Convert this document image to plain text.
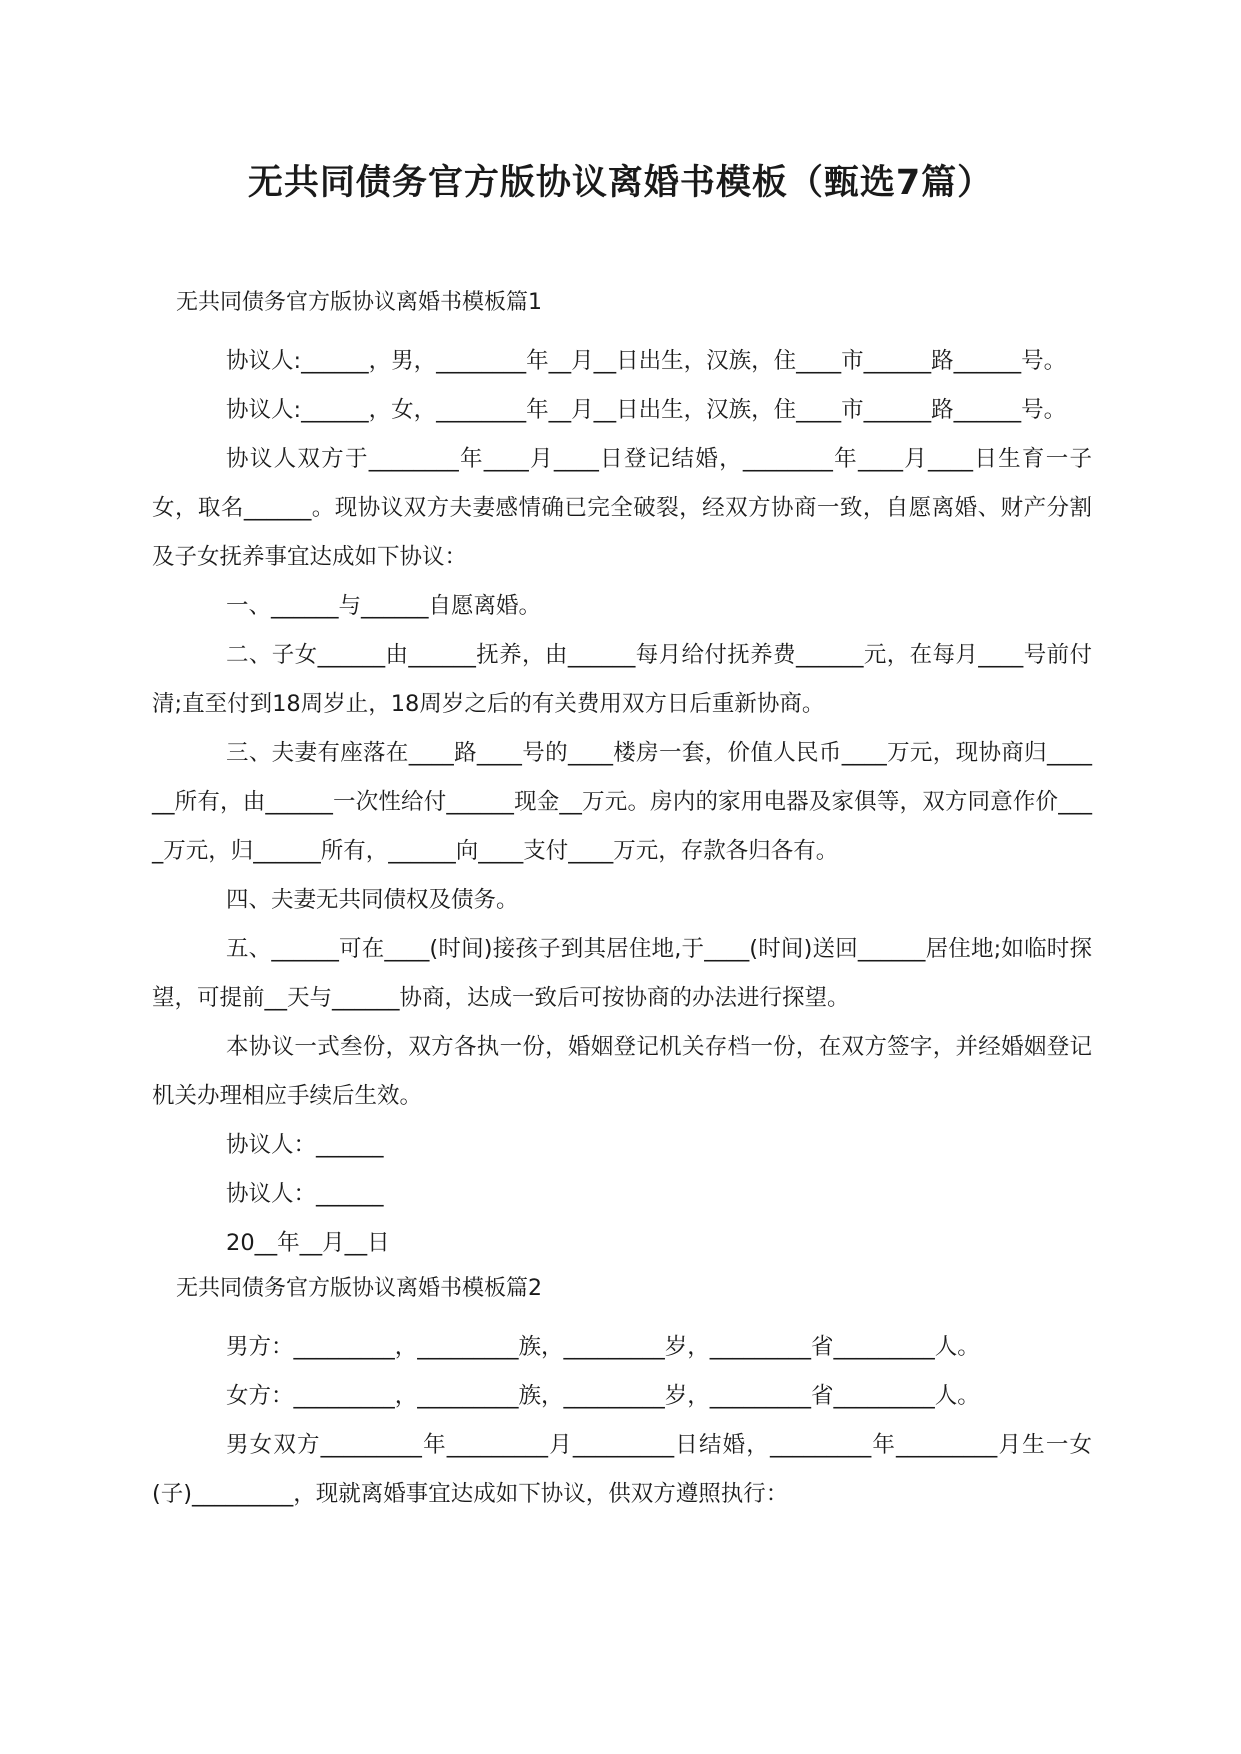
无共同债务官方版协议离婚书模板（甄选7篇）
无共同债务官方版协议离婚书模板篇1

协议人:______，男，________年__月__日出生，汉族，住____市______路______号。

协议人:______，女，________年__月__日出生，汉族，住____市______路______号。

协议人双方于________年____月____日登记结婚，________年____月____日生育一子女，取名______。现协议双方夫妻感情确已完全破裂，经双方协商一致，自愿离婚、财产分割及子女抚养事宜达成如下协议：

一、______与______自愿离婚。

二、子女______由______抚养，由______每月给付抚养费______元，在每月____号前付清;直至付到18周岁止，18周岁之后的有关费用双方日后重新协商。

三、夫妻有座落在____路____号的____楼房一套，价值人民币____万元，现协商归______所有，由______一次性给付______现金__万元。房内的家用电器及家俱等，双方同意作价____万元，归______所有，______向____支付____万元，存款各归各有。

四、夫妻无共同债权及债务。

五、______可在____(时间)接孩子到其居住地,于____(时间)送回______居住地;如临时探望，可提前__天与______协商，达成一致后可按协商的办法进行探望。

本协议一式叁份，双方各执一份，婚姻登记机关存档一份，在双方签字，并经婚姻登记机关办理相应手续后生效。

协议人：______

协议人：______

20__年__月__日

无共同债务官方版协议离婚书模板篇2

男方：_________，_________族，_________岁，_________省_________人。

女方：_________，_________族，_________岁，_________省_________人。

男女双方_________年_________月_________日结婚，_________年_________月生一女(子)_________，现就离婚事宜达成如下协议，供双方遵照执行：
